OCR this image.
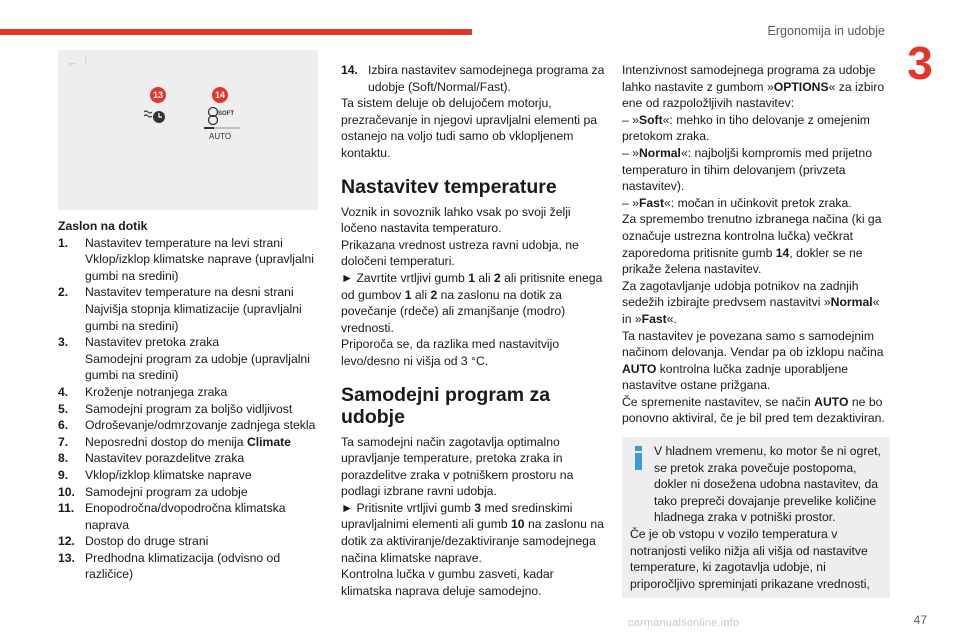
Ergonomija in udobje
3
← ⁝
13	14
SOFT
AUTO

Zaslon na dotik

1.	Nastavitev temperature na levi strani
Vklop/izklop klimatske naprave (upravljalni gumbi na sredini)
2.	Nastavitev temperature na desni strani
Najvišja stopnja klimatizacije (upravljalni gumbi na sredini)
3.	Nastavitev pretoka zraka
Samodejni program za udobje (upravljalni gumbi na sredini)
4.	Kroženje notranjega zraka
5.	Samodejni program za boljšo vidljivost
6.	Odroševanje/odmrzovanje zadnjega stekla
7.	Neposredni dostop do menija Climate
8.	Nastavitev porazdelitve zraka
9.	Vklop/izklop klimatske naprave
10. Samodejni program za udobje
11. Enopodročna/dvopodročna klimatska naprava
12. Dostop do druge strani
13. Predhodna klimatizacija (odvisno od različice)
14. Izbira nastavitev samodejnega programa za udobje (Soft/Normal/Fast).

Ta sistem deluje ob delujočem motorju, prezračevanje in njegovi upravljalni elementi pa ostanejo na voljo tudi samo ob vklopljenem kontaktu.

Nastavitev temperature

Voznik in sovoznik lahko vsak po svoji želji ločeno nastavita temperaturo.

Prikazana vrednost ustreza ravni udobja, ne določeni temperaturi.

► Zavrtite vrtljivi gumb 1 ali 2 ali pritisnite enega od gumbov 1 ali 2 na zaslonu na dotik za povečanje (rdeče) ali zmanjšanje (modro) vrednosti.

Priporoča se, da razlika med nastavitvijo levo/desno ni višja od 3 °C.

Samodejni program za udobje

Ta samodejni način zagotavlja optimalno upravljanje temperature, pretoka zraka in porazdelitve zraka v potniškem prostoru na podlagi izbrane ravni udobja.

► Pritisnite vrtljivi gumb 3 med sredinskimi upravljalnimi elementi ali gumb 10 na zaslonu na dotik za aktiviranje/dezaktiviranje samodejnega načina klimatske naprave.

Kontrolna lučka v gumbu zasveti, kadar klimatska naprava deluje samodejno.

Intenzivnost samodejnega programa za udobje lahko nastavite z gumbom »OPTIONS« za izbiro ene od razpoložljivih nastavitev:

– »Soft«: mehko in tiho delovanje z omejenim pretokom zraka.

– »Normal«: najboljši kompromis med prijetno temperaturo in tihim delovanjem (privzeta nastavitev).

– »Fast«: močan in učinkovit pretok zraka.

Za spremembo trenutno izbranega načina (ki ga označuje ustrezna kontrolna lučka) večkrat zaporedoma pritisnite gumb 14, dokler se ne prikaže želena nastavitev.

Za zagotavljanje udobja potnikov na zadnjih sedežih izbirajte predvsem nastavitvi »Normal« in »Fast«.

Ta nastavitev je povezana samo s samodejnim načinom delovanja. Vendar pa ob izklopu načina AUTO kontrolna lučka zadnje uporabljene nastavitve ostane prižgana.

Če spremenite nastavitev, se način AUTO ne bo ponovno aktiviral, če je bil pred tem dezaktiviran.

V hladnem vremenu, ko motor še ni ogret, se pretok zraka povečuje postopoma, dokler ni dosežena udobna nastavitev, da tako prepreči dovajanje prevelike količine hladnega zraka v potniški prostor.

Če je ob vstopu v vozilo temperatura v notranjosti veliko nižja ali višja od nastavitve temperature, ki zagotavlja udobje, ni priporočljivo spreminjati prikazane vrednosti,

47
carmanualsonline.info
